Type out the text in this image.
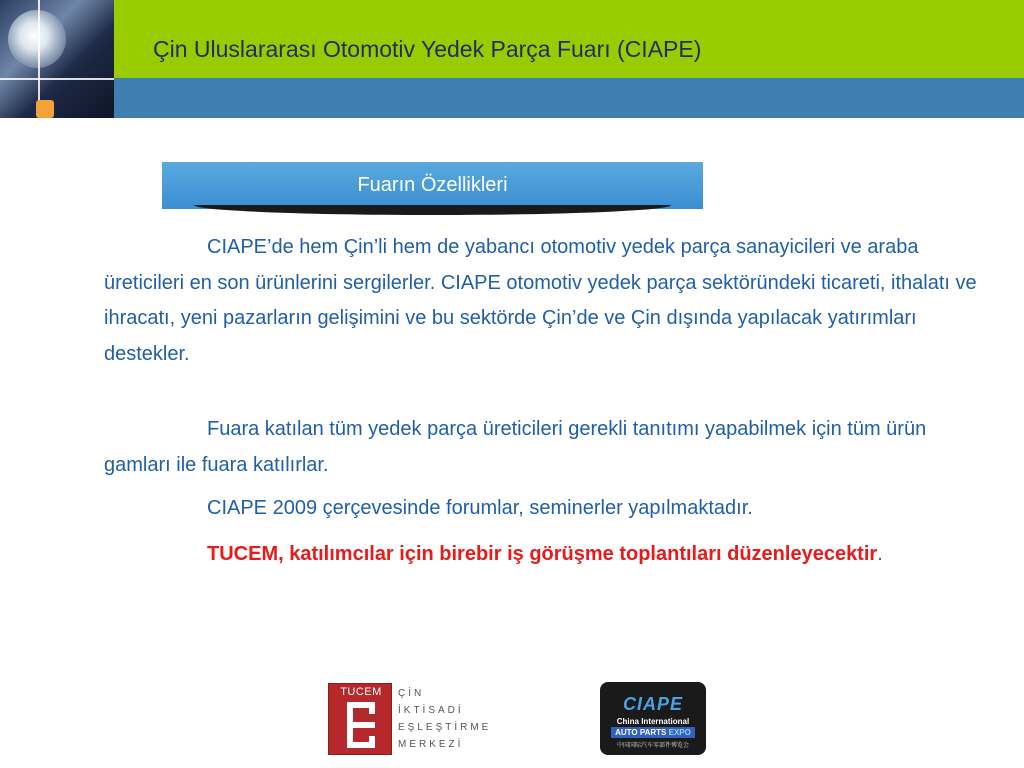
Çin Uluslararası Otomotiv Yedek Parça Fuarı (CIAPE)
Fuarın Özellikleri
CIAPE’de hem Çin’li hem de yabancı otomotiv yedek parça sanayicileri ve araba üreticileri en son ürünlerini sergilerler. CIAPE otomotiv yedek parça sektöründeki ticareti, ithalatı ve ihracatı, yeni pazarların gelişimini ve bu sektörde Çin’de ve Çin dışında yapılacak yatırımları destekler.
Fuara katılan tüm yedek parça üreticileri gerekli tanıtımı yapabilmek için tüm ürün gamları ile fuara katılırlar.
CIAPE 2009 çerçevesinde forumlar, seminerler yapılmaktadır.
TUCEM, katılımcılar için birebir iş görüşme toplantıları düzenleyecektir.
TUCEM	ÇİN
İKTİSADİ
EŞLEŞTİRME
MERKEZİ
CIAPE
China International
AUTO PARTS EXPO
中国国际汽车零部件博览会
